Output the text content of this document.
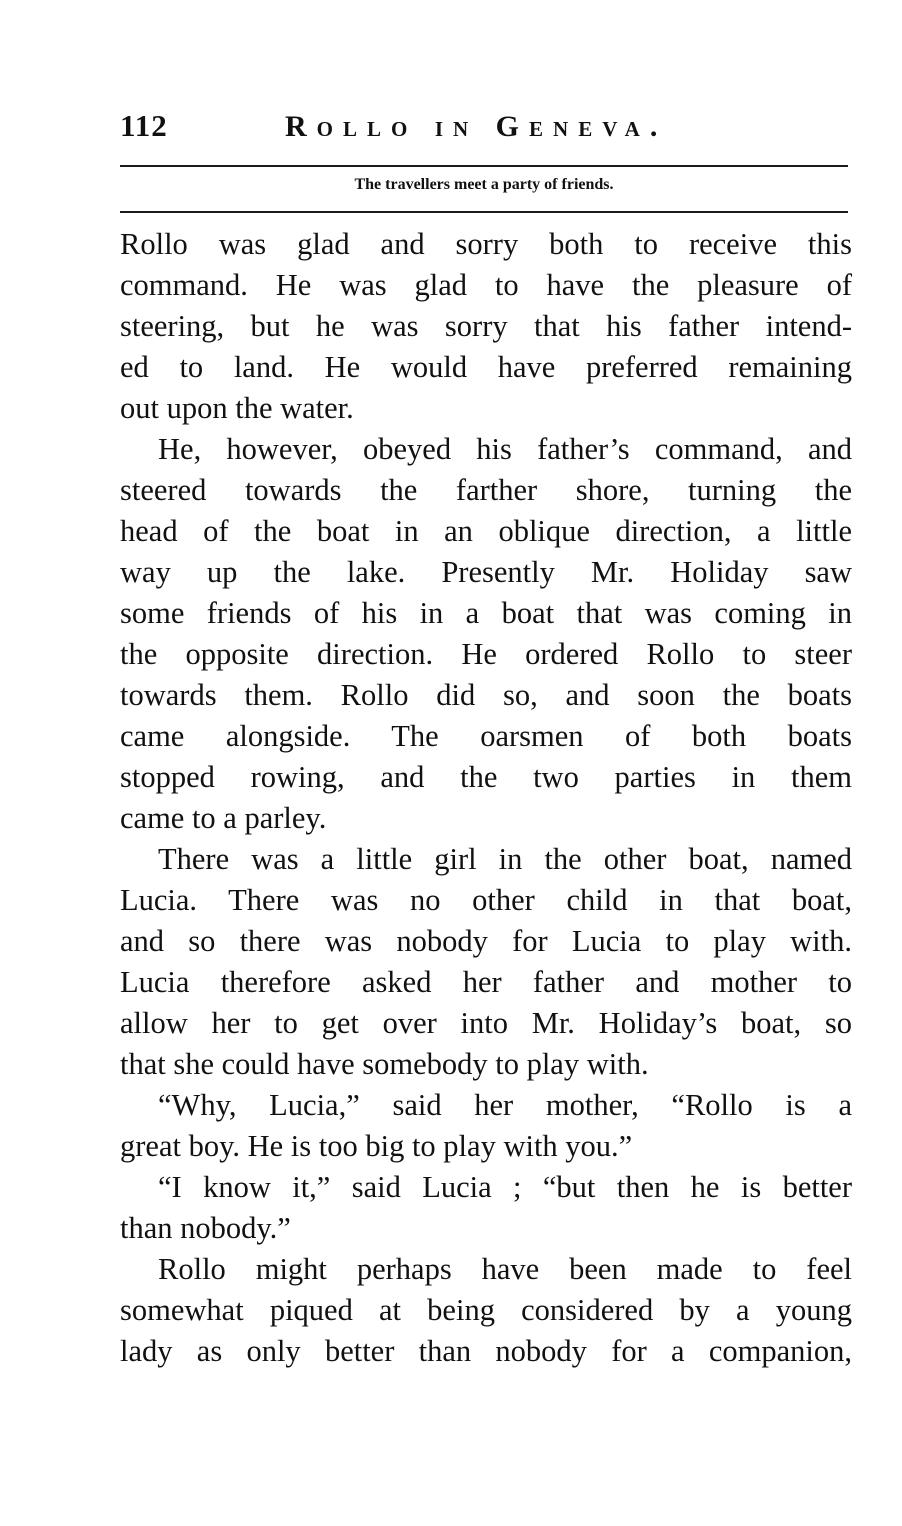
112	Rollo in Geneva.
The travellers meet a party of friends.
Rollo was glad and sorry both to receive this
command. He was glad to have the pleasure of
steering, but he was sorry that his father intend-
ed to land. He would have preferred remaining
out upon the water.
He, however, obeyed his father’s command, and
steered towards the farther shore, turning the
head of the boat in an oblique direction, a little
way up the lake. Presently Mr. Holiday saw
some friends of his in a boat that was coming in
the opposite direction. He ordered Rollo to steer
towards them. Rollo did so, and soon the boats
came alongside. The oarsmen of both boats
stopped rowing, and the two parties in them
came to a parley.
There was a little girl in the other boat, named
Lucia. There was no other child in that boat,
and so there was nobody for Lucia to play with.
Lucia therefore asked her father and mother to
allow her to get over into Mr. Holiday’s boat, so
that she could have somebody to play with.
“Why, Lucia,” said her mother, “Rollo is a
great boy. He is too big to play with you.”
“I know it,” said Lucia ; “but then he is better
than nobody.”
Rollo might perhaps have been made to feel
somewhat piqued at being considered by a young
lady as only better than nobody for a companion,
